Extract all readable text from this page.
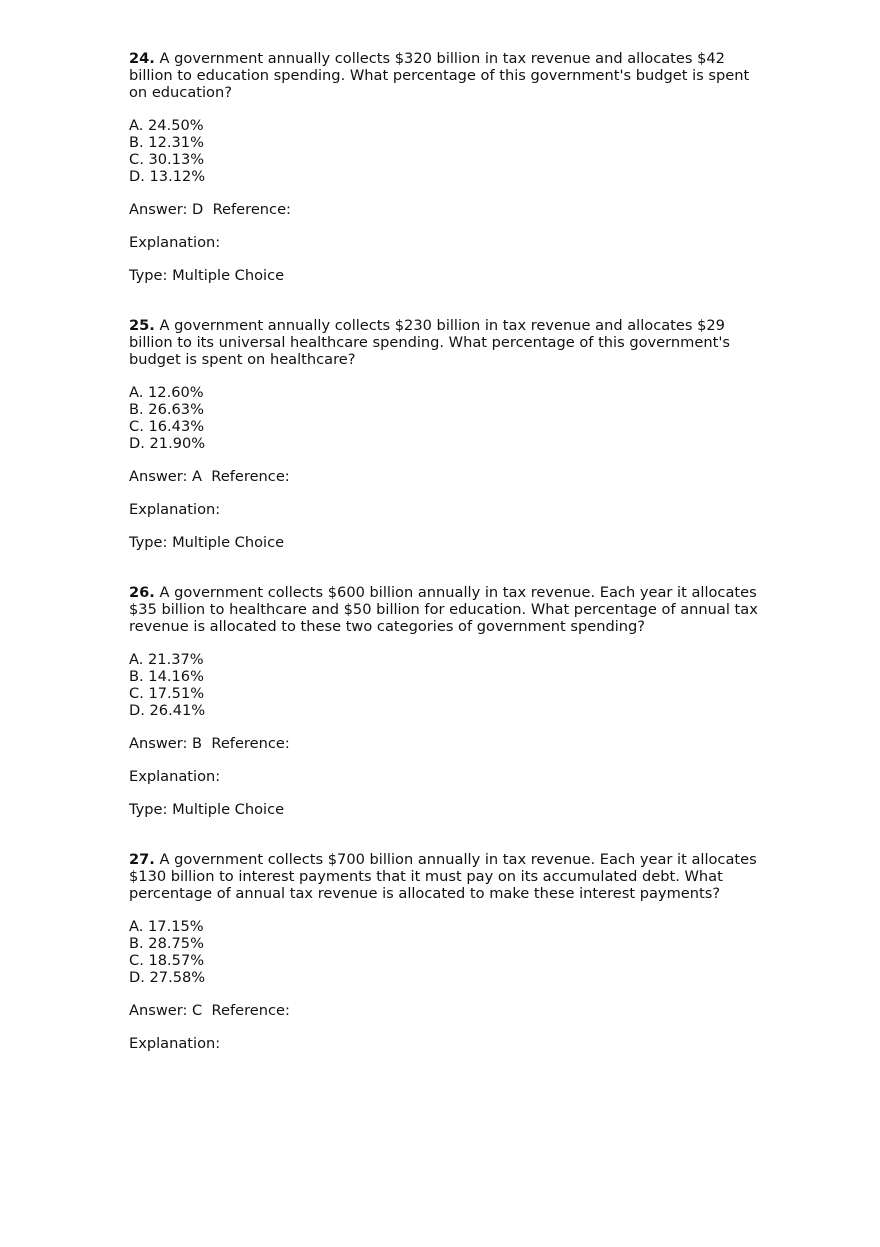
24. A government annually collects $320 billion in tax revenue and allocates $42 billion to education spending. What percentage of this government's budget is spent on education?

A. 24.50%
B. 12.31%
C. 30.13%
D. 13.12%

Answer: D  Reference:

Explanation:

Type: Multiple Choice

25. A government annually collects $230 billion in tax revenue and allocates $29 billion to its universal healthcare spending. What percentage of this government's budget is spent on healthcare?

A. 12.60%
B. 26.63%
C. 16.43%
D. 21.90%

Answer: A  Reference:

Explanation:

Type: Multiple Choice

26. A government collects $600 billion annually in tax revenue. Each year it allocates $35 billion to healthcare and $50 billion for education. What percentage of annual tax revenue is allocated to these two categories of government spending?

A. 21.37%
B. 14.16%
C. 17.51%
D. 26.41%

Answer: B  Reference:

Explanation:

Type: Multiple Choice

27. A government collects $700 billion annually in tax revenue. Each year it allocates $130 billion to interest payments that it must pay on its accumulated debt. What percentage of annual tax revenue is allocated to make these interest payments?

A. 17.15%
B. 28.75%
C. 18.57%
D. 27.58%

Answer: C  Reference:

Explanation:
